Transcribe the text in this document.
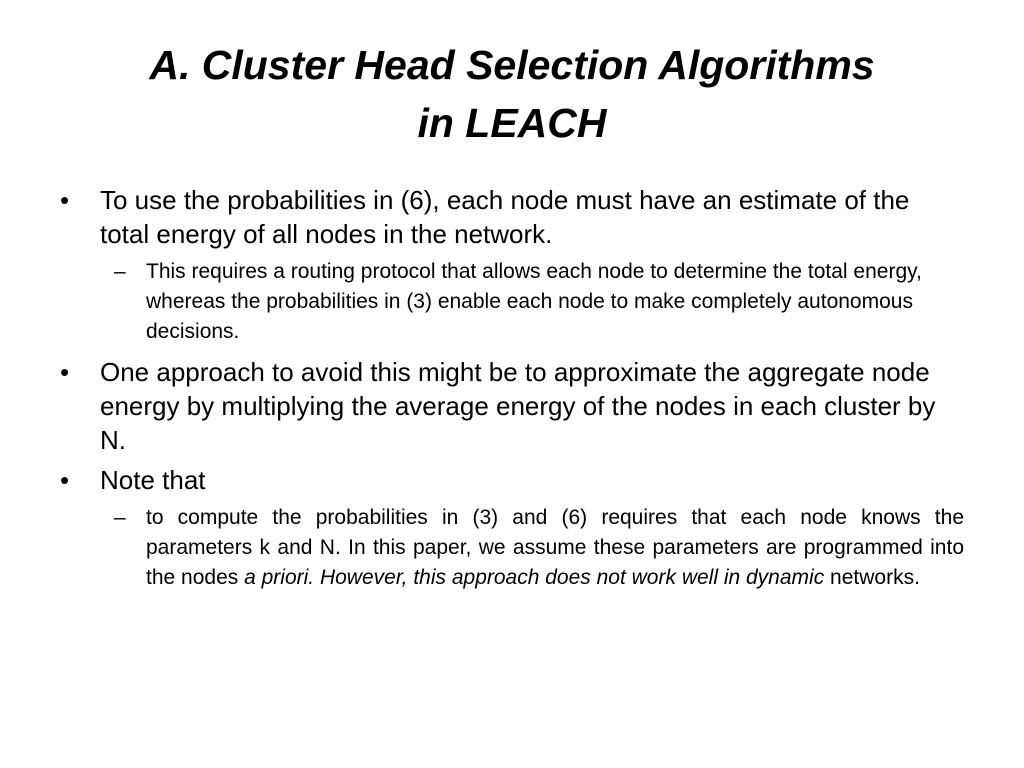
A. Cluster Head Selection Algorithms
in LEACH
•	To use the probabilities in (6), each node must have an estimate of the total energy of all nodes in the network.
– This requires a routing protocol that allows each node to determine the total energy, whereas the probabilities in (3) enable each node to make completely autonomous decisions.
•	One approach to avoid this might be to approximate the aggregate node energy by multiplying the average energy of the nodes in each cluster by N.
•	Note that
– to compute the probabilities in (3) and (6) requires that each node knows the parameters k and N. In this paper, we assume these parameters are programmed into the nodes a priori. However, this approach does not work well in dynamic networks.
